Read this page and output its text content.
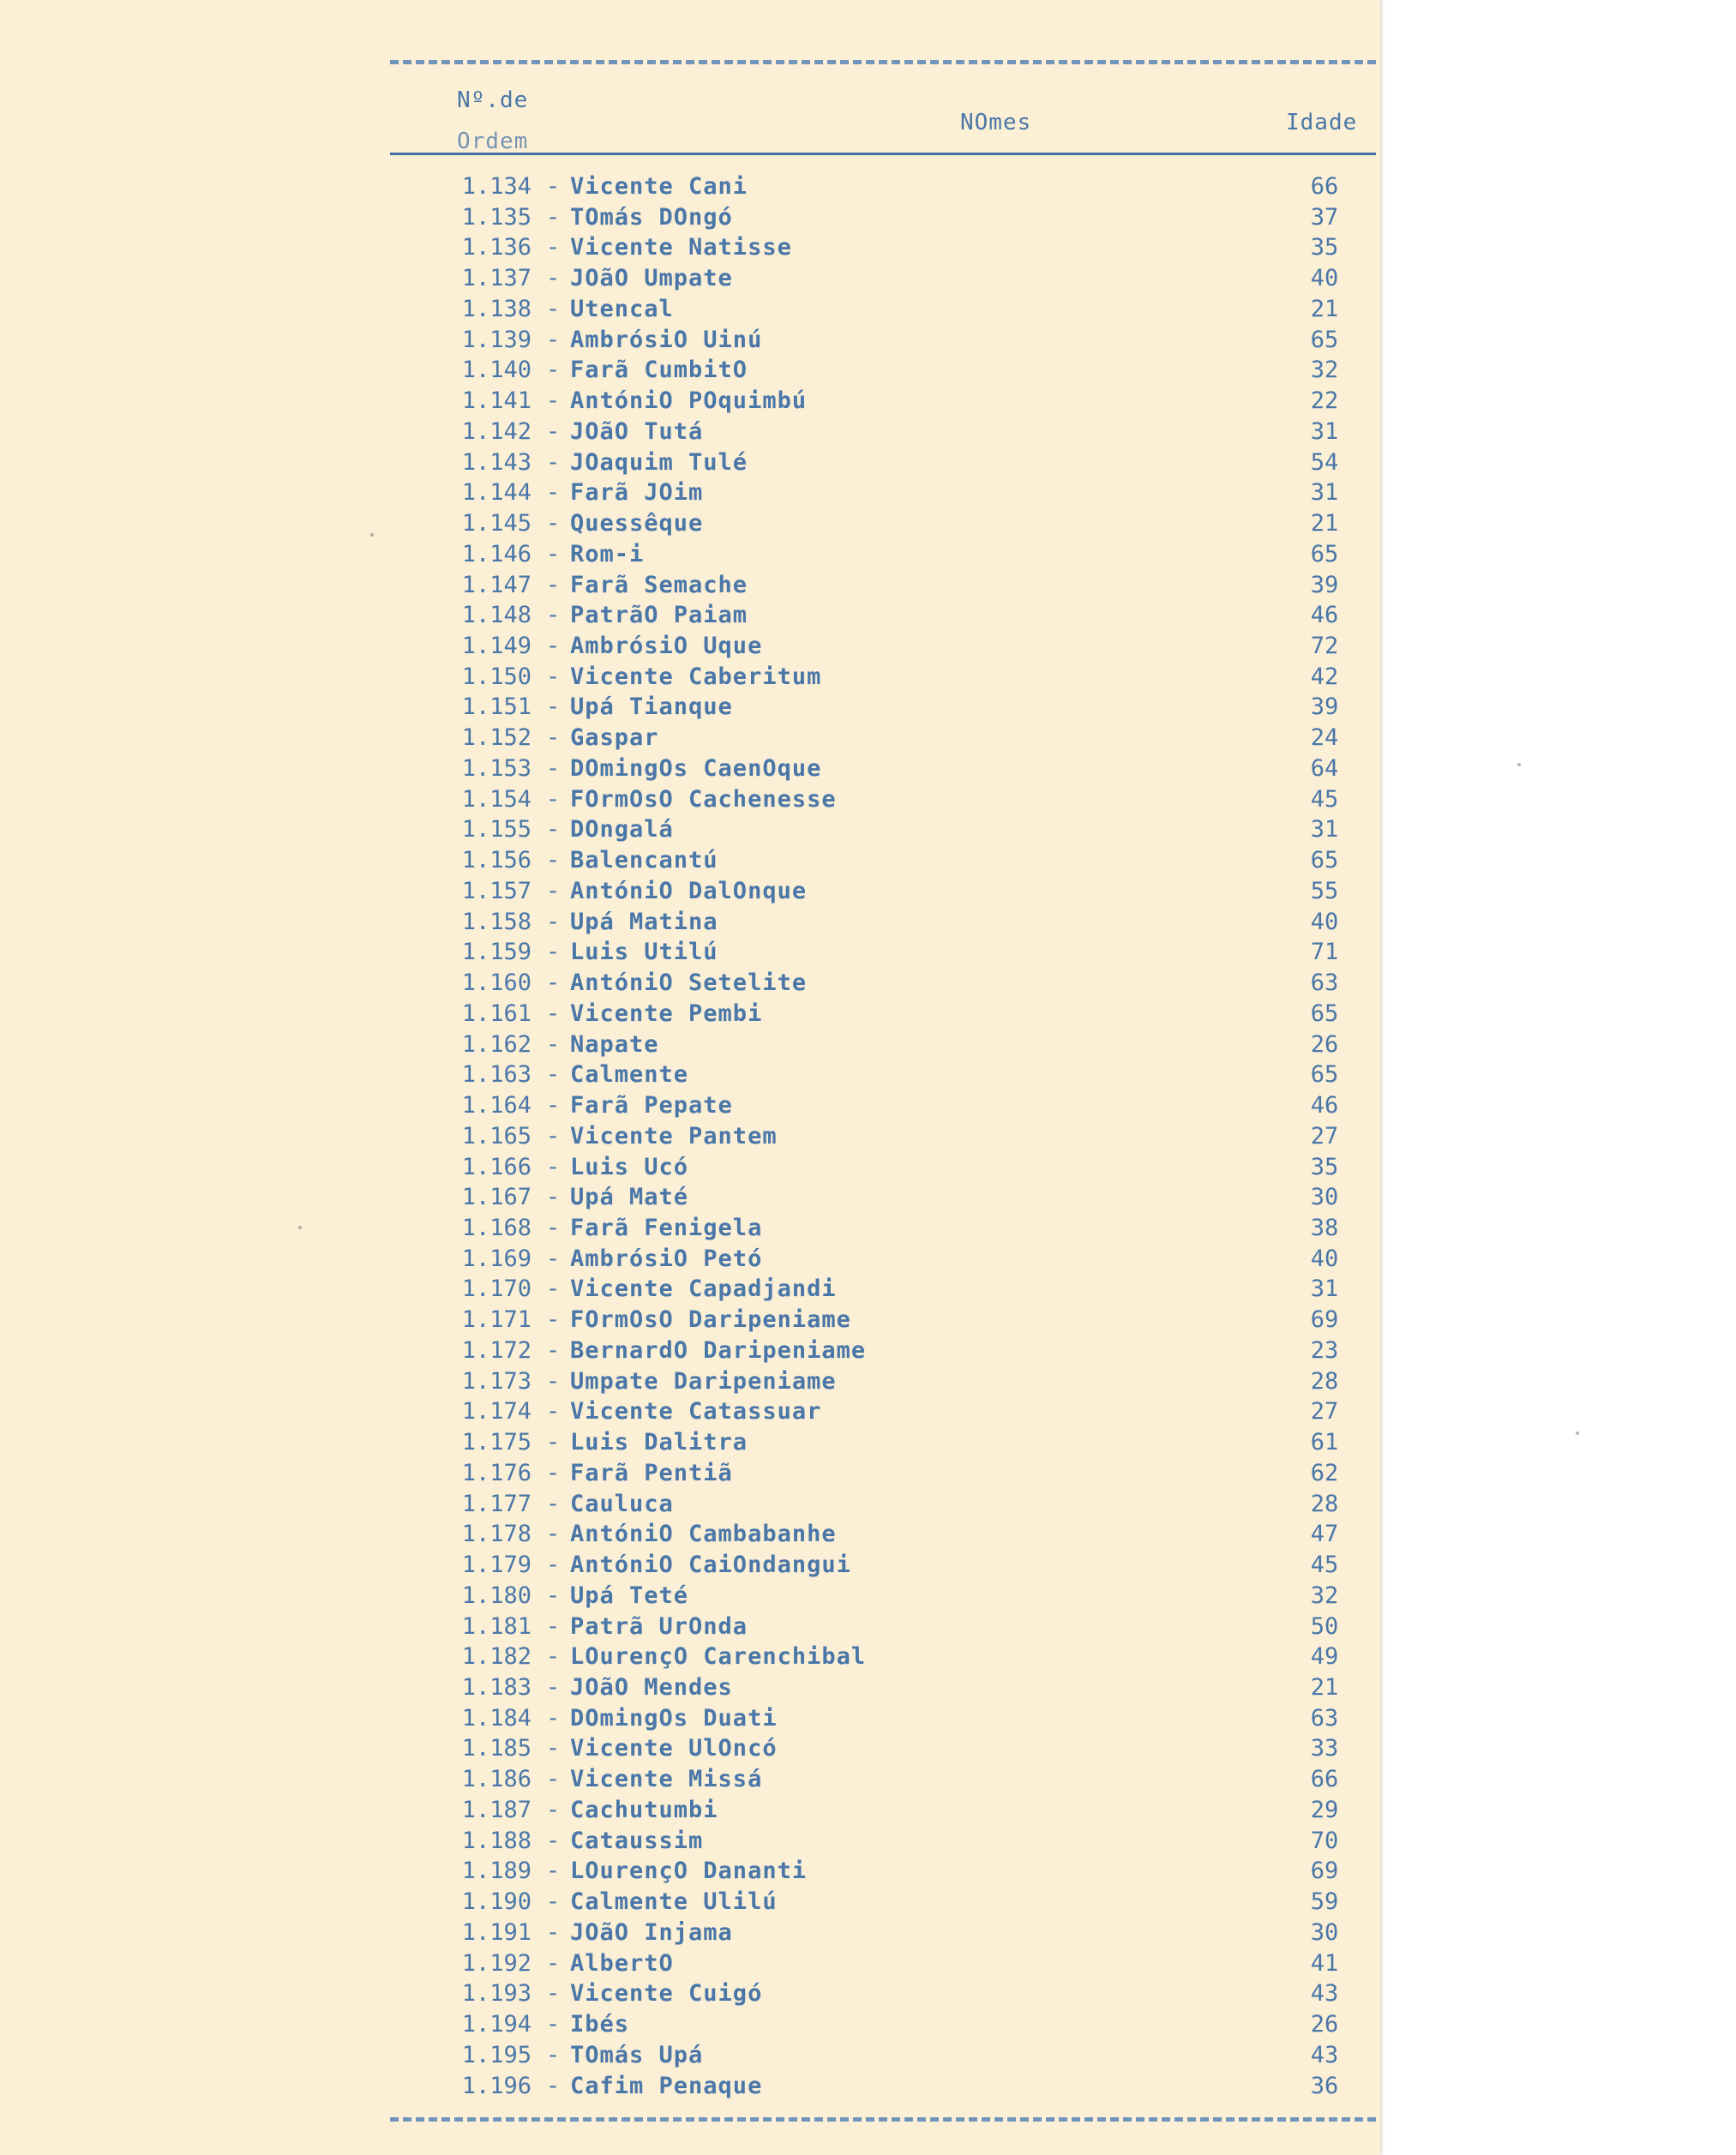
Nº.de
Ordem
NOmes	Idade
1.134 - Vicente Cani	66
1.135 - TOmás DOngó	37
1.136 - Vicente Natisse	35
1.137 - JOãO Umpate	40
1.138 - Utencal	21
1.139 - AmbrósiO Uinú	65
1.140 - Farã CumbitO	32
1.141 - AntóniO POquimbú	22
1.142 - JOãO Tutá	31
1.143 - JOaquim Tulé	54
1.144 - Farã JOim	31
1.145 - Quessêque	21
1.146 - Rom-i	65
1.147 - Farã Semache	39
1.148 - PatrãO Paiam	46
1.149 - AmbrósiO Uque	72
1.150 - Vicente Caberitum	42
1.151 - Upá Tianque	39
1.152 - Gaspar	24
1.153 - DOmingOs CaenOque	64
1.154 - FOrmOsO Cachenesse	45
1.155 - DOngalá	31
1.156 - Balencantú	65
1.157 - AntóniO DalOnque	55
1.158 - Upá Matina	40
1.159 - Luis Utilú	71
1.160 - AntóniO Setelite	63
1.161 - Vicente Pembi	65
1.162 - Napate	26
1.163 - Calmente	65
1.164 - Farã Pepate	46
1.165 - Vicente Pantem	27
1.166 - Luis Ucó	35
1.167 - Upá Maté	30
1.168 - Farã Fenigela	38
1.169 - AmbrósiO Petó	40
1.170 - Vicente Capadjandi	31
1.171 - FOrmOsO Daripeniame	69
1.172 - BernardO Daripeniame	23
1.173 - Umpate Daripeniame	28
1.174 - Vicente Catassuar	27
1.175 - Luis Dalitra	61
1.176 - Farã Pentiã	62
1.177 - Cauluca	28
1.178 - AntóniO Cambabanhe	47
1.179 - AntóniO CaiOndangui	45
1.180 - Upá Teté	32
1.181 - Patrã UrOnda	50
1.182 - LOurençO Carenchibal	49
1.183 - JOãO Mendes	21
1.184 - DOmingOs Duati	63
1.185 - Vicente UlOncó	33
1.186 - Vicente Missá	66
1.187 - Cachutumbi	29
1.188 - Cataussim	70
1.189 - LOurençO Dananti	69
1.190 - Calmente Ulilú	59
1.191 - JOãO Injama	30
1.192 - AlbertO	41
1.193 - Vicente Cuigó	43
1.194 - Ibés	26
1.195 - TOmás Upá	43
1.196 - Cafim Penaque	36
